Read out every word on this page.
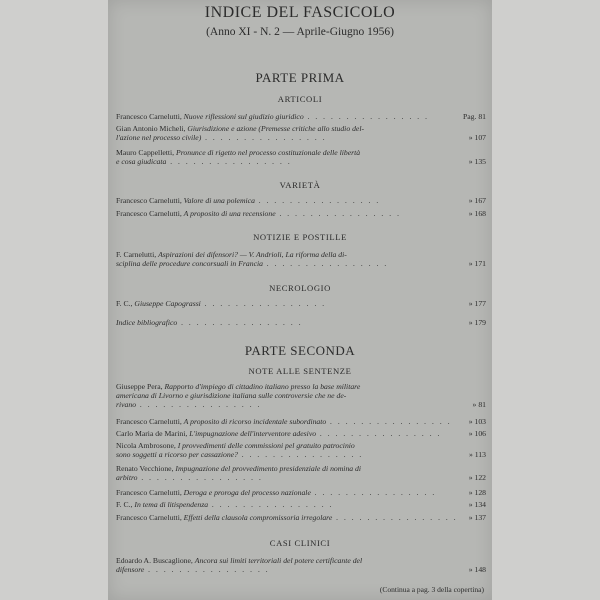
INDICE DEL FASCICOLO
(Anno XI - N. 2 — Aprile-Giugno 1956)
PARTE PRIMA
ARTICOLI
Francesco Carnelutti, Nuove riflessioni sul giudizio giuridico . . .	Pag. 81
Gian Antonio Micheli, Giurisdizione e azione (Premesse critiche allo studio del-
l'azione nel processo civile) . . .	» 107
Mauro Cappelletti, Pronunce di rigetto nel processo costituzionale delle libertà
e cosa giudicata . . .	» 135
VARIETÀ
Francesco Carnelutti, Valore di una polemica . . .	» 167
Francesco Carnelutti, A proposito di una recensione . . .	» 168
NOTIZIE E POSTILLE
F. Carnelutti, Aspirazioni dei difensori? — V. Andrioli, La riforma della di-
sciplina delle procedure concorsuali in Francia . . .	» 171
NECROLOGIO
F. C., Giuseppe Capograssi . . .	» 177
Indice bibliografico . . .	» 179
PARTE SECONDA
NOTE ALLE SENTENZE
Giuseppe Pera, Rapporto d'impiego di cittadino italiano presso la base militare
americana di Livorno e giurisdizione italiana sulle controversie che ne de-
rivano . . .	» 81
Francesco Carnelutti, A proposito di ricorso incidentale subordinato . . .	» 103
Carlo Maria de Marini, L'impugnazione dell'interventore adesivo . . .	» 106
Nicola Ambrosone, I provvedimenti delle commissioni pel gratuito patrocinio
sono soggetti a ricorso per cassazione? . . .	» 113
Renato Vecchione, Impugnazione del provvedimento presidenziale di nomina di
arbitro . . .	» 122
Francesco Carnelutti, Deroga e proroga del processo nazionale . . .	» 128
F. C., In tema di litispendenza . . .	» 134
Francesco Carnelutti, Effetti della clausola compromissoria irregolare . . .	» 137
CASI CLINICI
Edoardo A. Buscaglione, Ancora sui limiti territoriali del potere certificante del
difensore . . .	» 148
(Continua a pag. 3 della copertina)
